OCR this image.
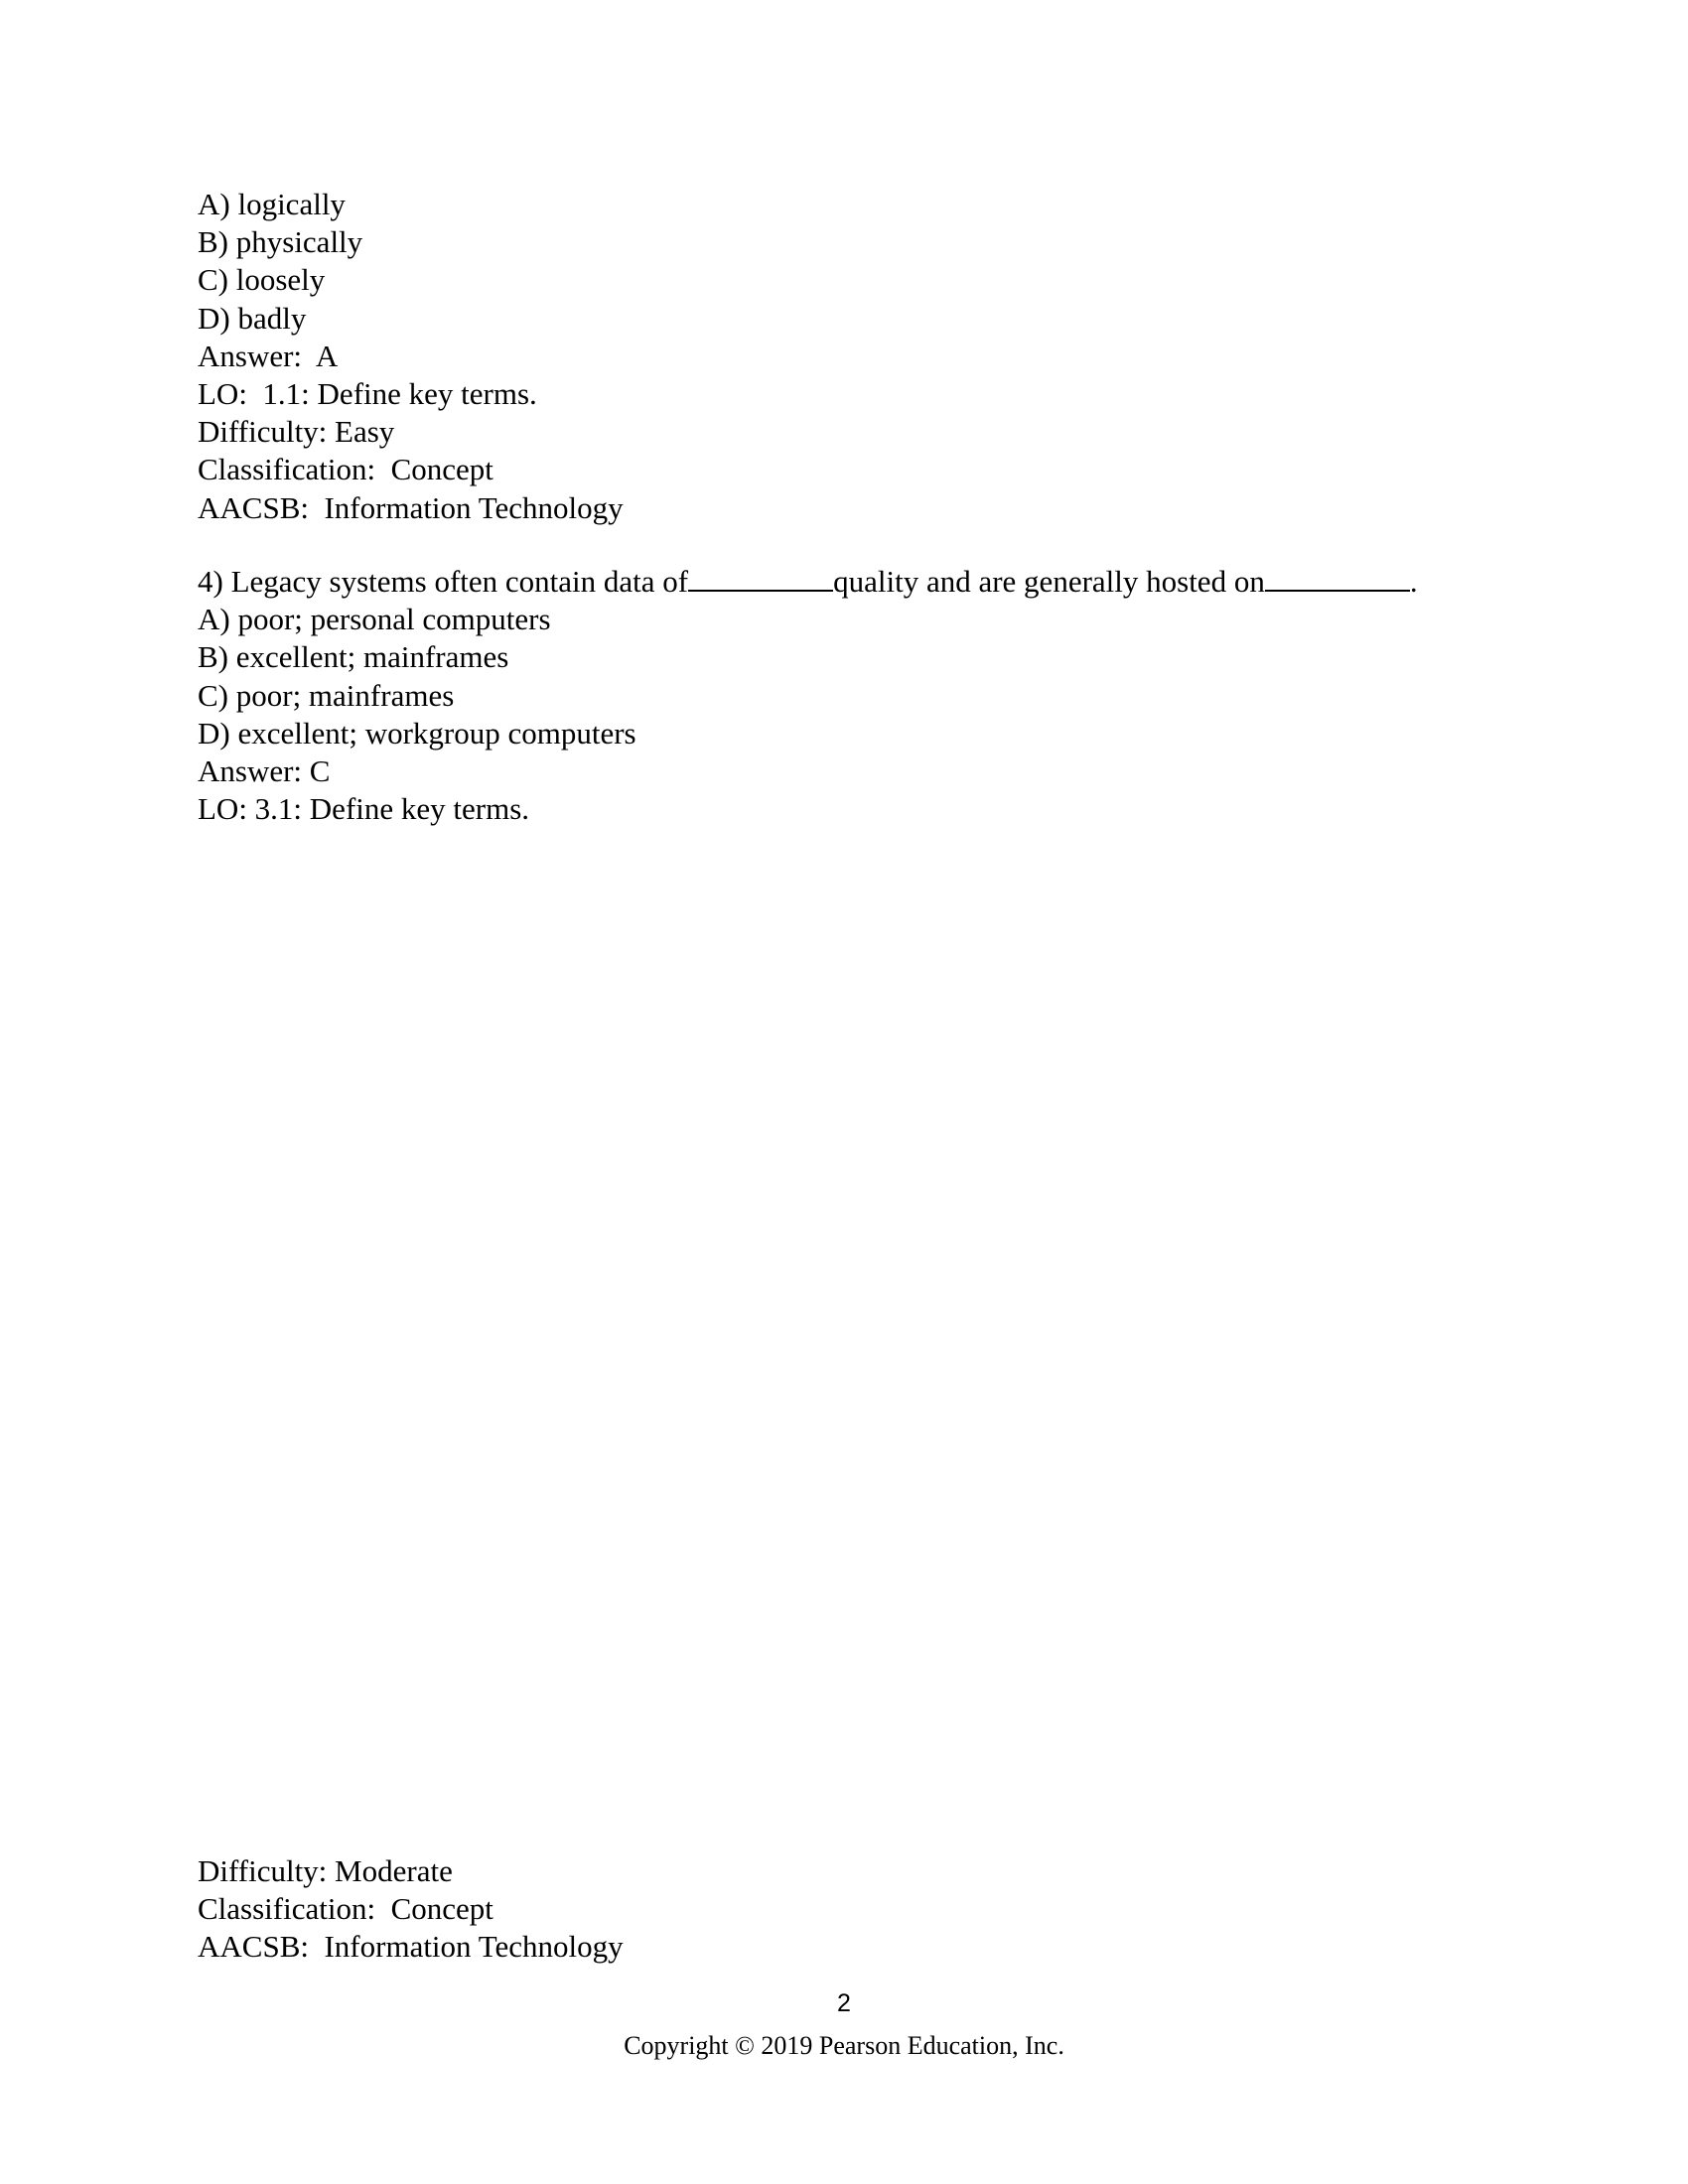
A) logically
B) physically
C) loosely
D) badly
Answer:  A
LO:  1.1: Define key terms.
Difficulty: Easy
Classification:  Concept
AACSB:  Information Technology
4) Legacy systems often contain data of	quality and are generally hosted on	.
A) poor; personal computers
B) excellent; mainframes
C) poor; mainframes
D) excellent; workgroup computers
Answer: C
LO: 3.1: Define key terms.
Difficulty: Moderate
Classification:  Concept
AACSB:  Information Technology
2
Copyright © 2019 Pearson Education, Inc.
